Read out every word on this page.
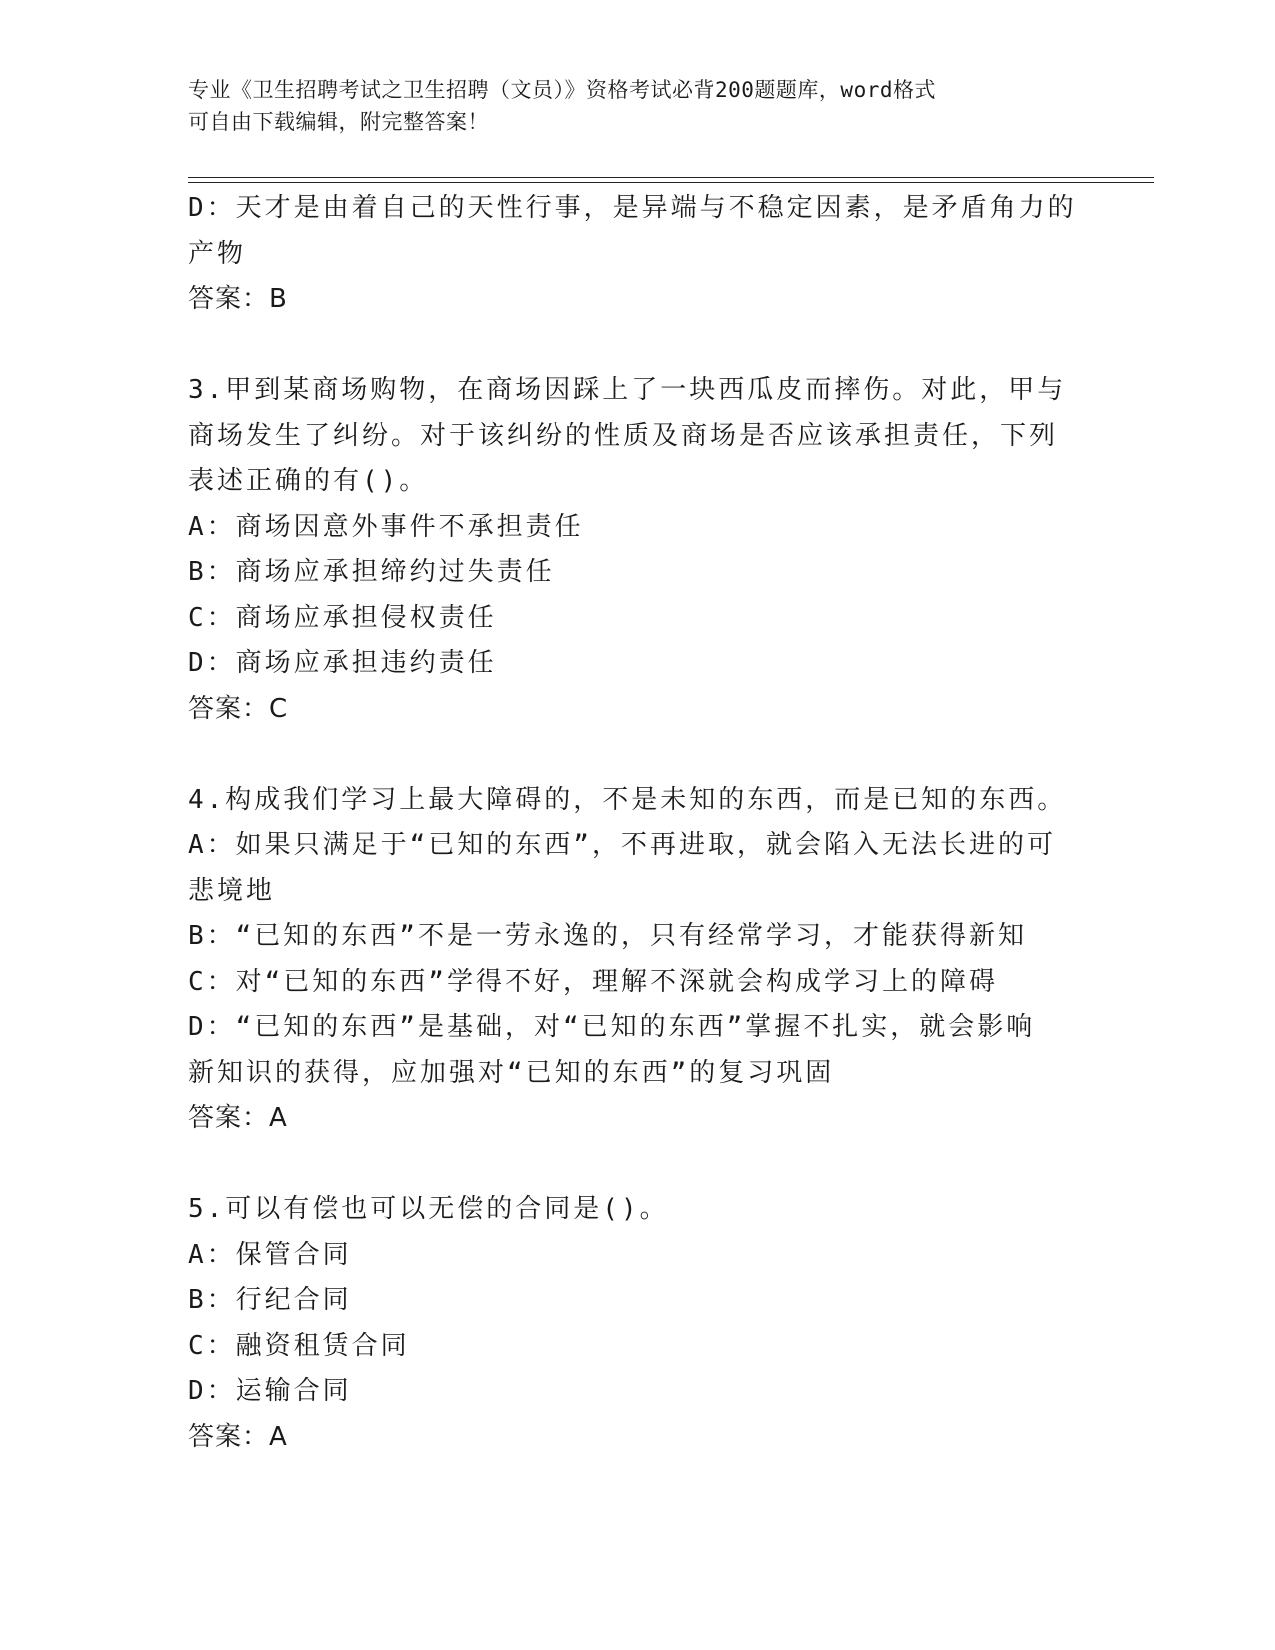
专业《卫生招聘考试之卫生招聘（文员）》资格考试必背200题题库，word格式
可自由下载编辑，附完整答案！
D：天才是由着自己的天性行事，是异端与不稳定因素，是矛盾角力的
产物
答案：B
3.甲到某商场购物，在商场因踩上了一块西瓜皮而摔伤。对此，甲与
商场发生了纠纷。对于该纠纷的性质及商场是否应该承担责任，下列
表述正确的有()。
A：商场因意外事件不承担责任
B：商场应承担缔约过失责任
C：商场应承担侵权责任
D：商场应承担违约责任
答案：C
4.构成我们学习上最大障碍的，不是未知的东西，而是已知的东西。
A：如果只满足于“已知的东西”，不再进取，就会陷入无法长进的可
悲境地
B：“已知的东西”不是一劳永逸的，只有经常学习，才能获得新知
C：对“已知的东西”学得不好，理解不深就会构成学习上的障碍
D：“已知的东西”是基础，对“已知的东西”掌握不扎实，就会影响
新知识的获得，应加强对“已知的东西”的复习巩固
答案：A
5.可以有偿也可以无偿的合同是()。
A：保管合同
B：行纪合同
C：融资租赁合同
D：运输合同
答案：A
